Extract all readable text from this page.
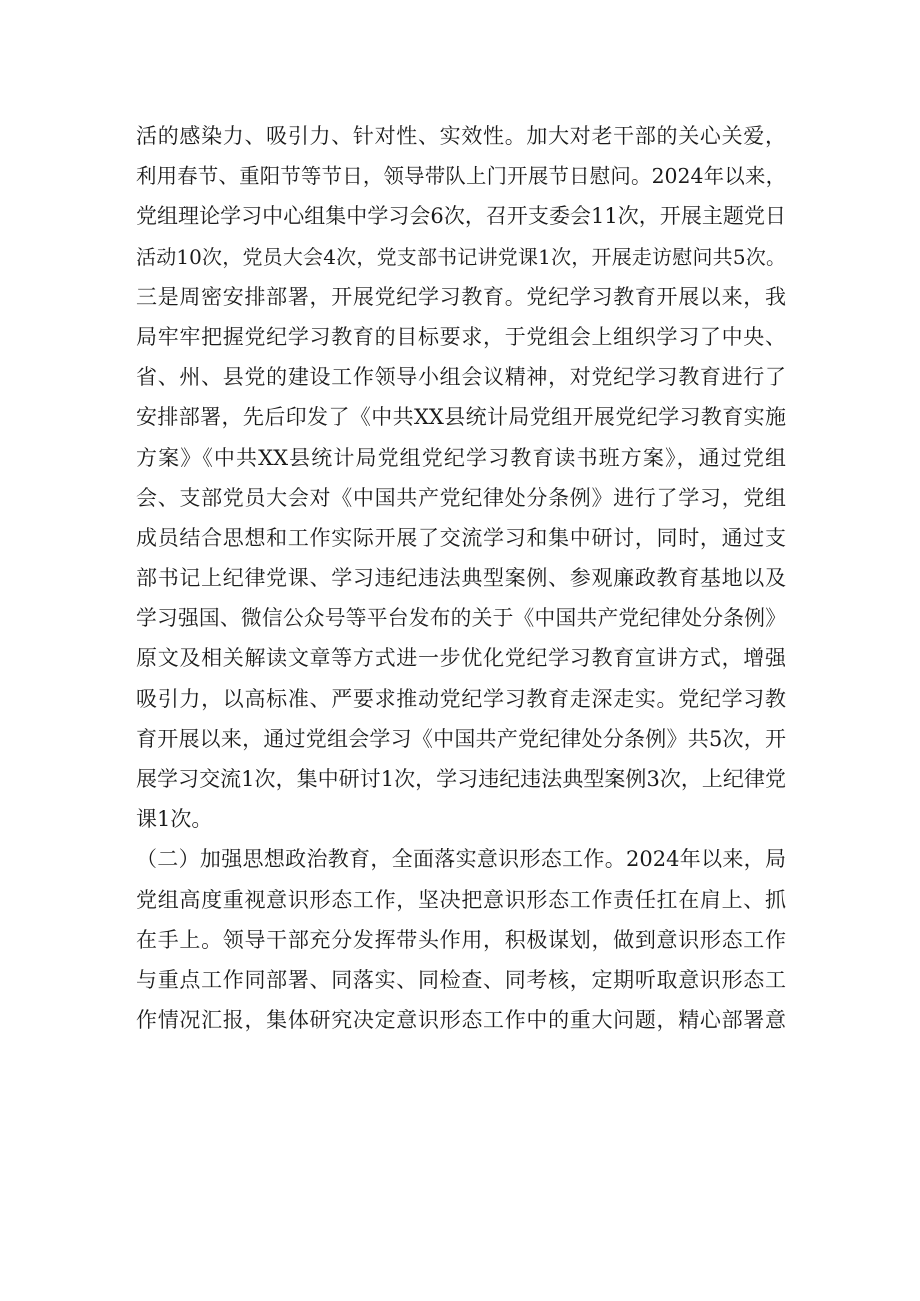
活的感染力、吸引力、针对性、实效性。加大对老干部的关心关爱，
利用春节、重阳节等节日，领导带队上门开展节日慰问。2024年以来，
党组理论学习中心组集中学习会6次，召开支委会11次，开展主题党日
活动10次，党员大会4次，党支部书记讲党课1次，开展走访慰问共5次。
三是周密安排部署，开展党纪学习教育。党纪学习教育开展以来，我
局牢牢把握党纪学习教育的目标要求，于党组会上组织学习了中央、
省、州、县党的建设工作领导小组会议精神，对党纪学习教育进行了
安排部署，先后印发了《中共XX县统计局党组开展党纪学习教育实施
方案》《中共XX县统计局党组党纪学习教育读书班方案》，通过党组
会、支部党员大会对《中国共产党纪律处分条例》进行了学习，党组
成员结合思想和工作实际开展了交流学习和集中研讨，同时，通过支
部书记上纪律党课、学习违纪违法典型案例、参观廉政教育基地以及
学习强国、微信公众号等平台发布的关于《中国共产党纪律处分条例》
原文及相关解读文章等方式进一步优化党纪学习教育宣讲方式，增强
吸引力，以高标准、严要求推动党纪学习教育走深走实。党纪学习教
育开展以来，通过党组会学习《中国共产党纪律处分条例》共5次，开
展学习交流1次，集中研讨1次，学习违纪违法典型案例3次，上纪律党
课1次。
（二）加强思想政治教育，全面落实意识形态工作。2024年以来，局
党组高度重视意识形态工作，坚决把意识形态工作责任扛在肩上、抓
在手上。领导干部充分发挥带头作用，积极谋划，做到意识形态工作
与重点工作同部署、同落实、同检查、同考核，定期听取意识形态工
作情况汇报，集体研究决定意识形态工作中的重大问题，精心部署意
